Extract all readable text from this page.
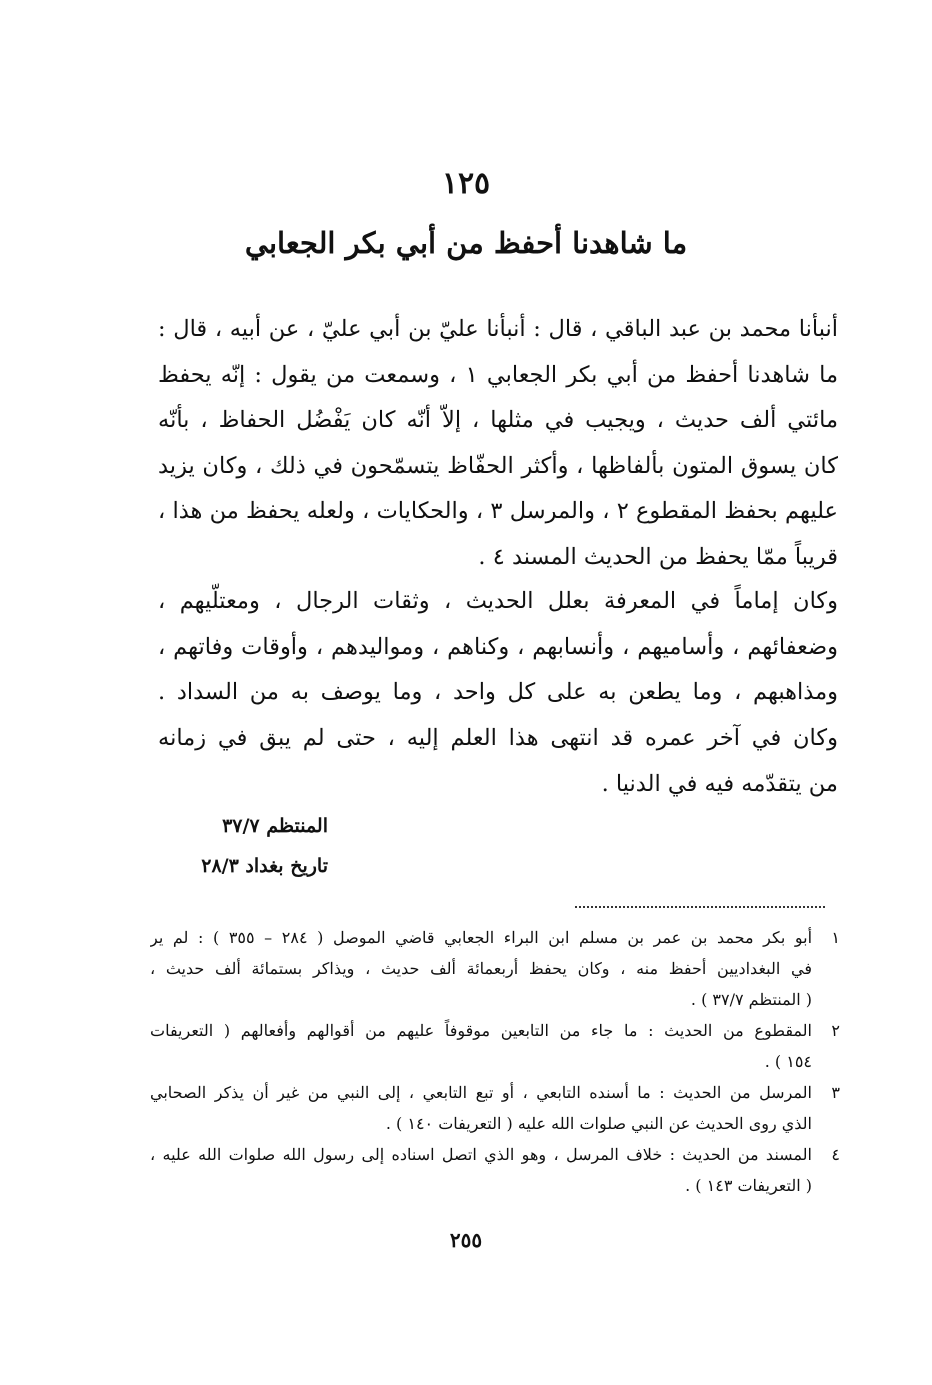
١٢٥
ما شاهدنا أحفظ من أبي بكر الجعابي
أنبأنا محمد بن عبد الباقي ، قال : أنبأنا عليّ بن أبي عليّ ، عن أبيه ، قال :
ما شاهدنا أحفظ من أبي بكر الجعابي ١ ، وسمعت من يقول : إنّه يحفظ
مائتي ألف حديث ، ويجيب في مثلها ، إلاّ أنّه كان يَفْضُل الحفاظ ، بأنّه
كان يسوق المتون بألفاظها ، وأكثر الحفّاظ يتسمّحون في ذلك ، وكان يزيد
عليهم بحفظ المقطوع ٢ ، والمرسل ٣ ، والحكايات ، ولعله يحفظ من هذا ،
قريباً ممّا يحفظ من الحديث المسند ٤ .
وكان إماماً في المعرفة بعلل الحديث ، وثقات الرجال ، ومعتلّيهم ،
وضعفائهم ، وأساميهم ، وأنسابهم ، وكناهم ، ومواليدهم ، وأوقات وفاتهم ،
ومذاهبهم ، وما يطعن به على كل واحد ، وما يوصف به من السداد .
وكان في آخر عمره قد انتهى هذا العلم إليه ، حتى لم يبق في زمانه
من يتقدّمه فيه في الدنيا .
المنتظم ٣٧/٧
تاريخ بغداد ٢٨/٣
١
أبو بكر محمد بن عمر بن مسلم ابن البراء الجعابي قاضي الموصل ( ٢٨٤ – ٣٥٥ ) : لم ير
في البغداديين أحفظ منه ، وكان يحفظ أربعمائة ألف حديث ، ويذاكر بستمائة ألف حديث ،
( المنتظم ٣٧/٧ ) .
٢
المقطوع من الحديث : ما جاء من التابعين موقوفاً عليهم من أقوالهم وأفعالهم ( التعريفات
١٥٤ ) .
٣
المرسل من الحديث : ما أسنده التابعي ، أو تبع التابعي ، إلى النبي من غير أن يذكر الصحابي
الذي روى الحديث عن النبي صلوات الله عليه ( التعريفات ١٤٠ ) .
٤
المسند من الحديث : خلاف المرسل ، وهو الذي اتصل اسناده إلى رسول الله صلوات الله عليه ،
( التعريفات ١٤٣ ) .
٢٥٥
